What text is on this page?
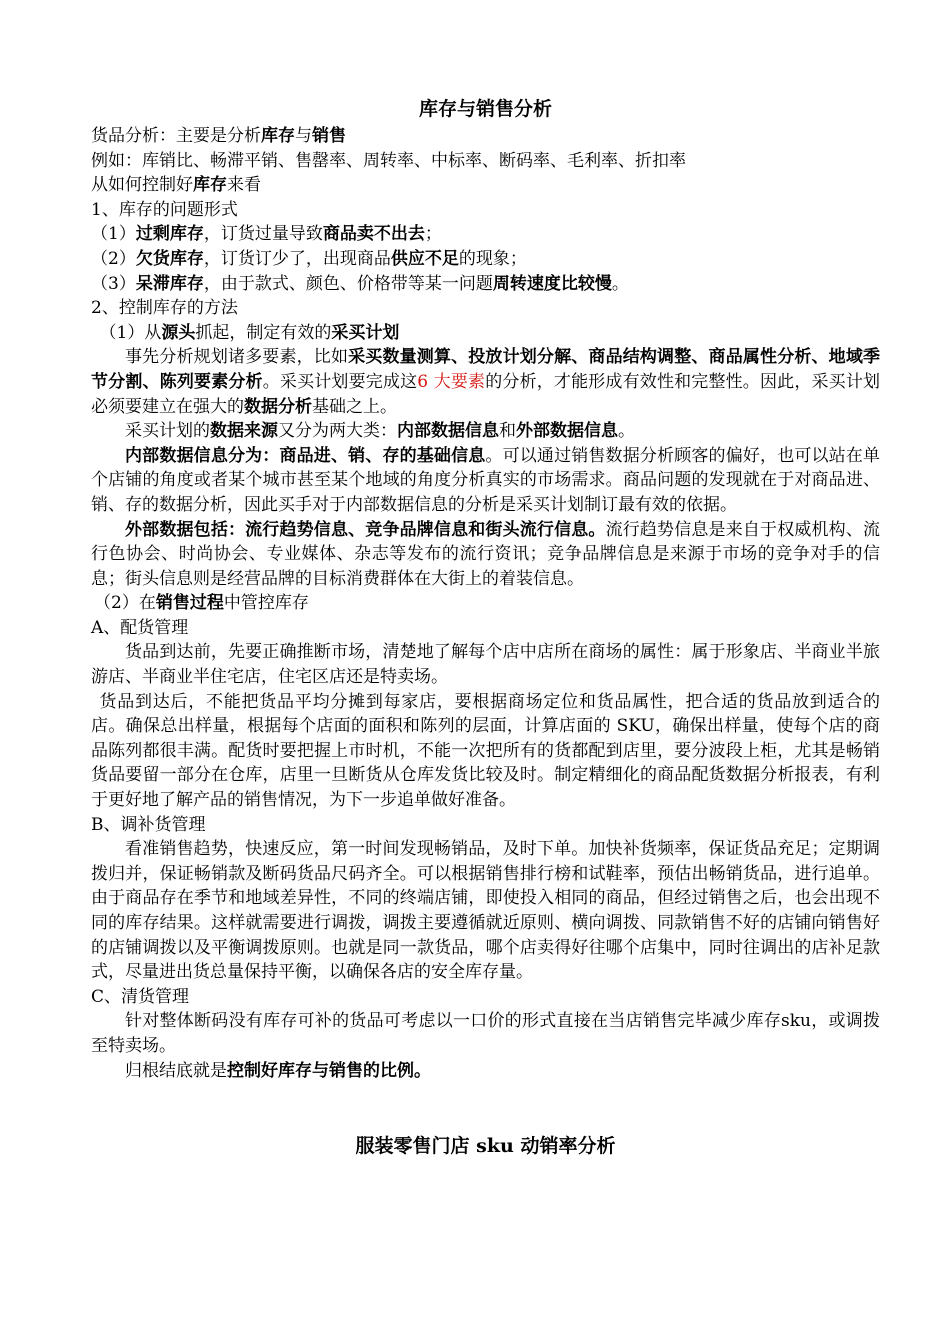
库存与销售分析

货品分析：主要是分析库存与销售

例如：库销比、畅滞平销、售罄率、周转率、中标率、断码率、毛利率、折扣率

从如何控制好库存来看

1、库存的问题形式

（1）过剩库存，订货过量导致商品卖不出去；

（2）欠货库存，订货订少了，出现商品供应不足的现象；

（3）呆滞库存，由于款式、颜色、价格带等某一问题周转速度比较慢。

2、控制库存的方法

（1）从源头抓起，制定有效的采买计划

事先分析规划诸多要素，比如采买数量测算、投放计划分解、商品结构调整、商品属性分析、地域季节分割、陈列要素分析。采买计划要完成这6 大要素的分析，才能形成有效性和完整性。因此，采买计划必须要建立在强大的数据分析基础之上。

采买计划的数据来源又分为两大类：内部数据信息和外部数据信息。

内部数据信息分为：商品进、销、存的基础信息。可以通过销售数据分析顾客的偏好，也可以站在单个店铺的角度或者某个城市甚至某个地域的角度分析真实的市场需求。商品问题的发现就在于对商品进、销、存的数据分析，因此买手对于内部数据信息的分析是采买计划制订最有效的依据。

外部数据包括：流行趋势信息、竞争品牌信息和街头流行信息。流行趋势信息是来自于权威机构、流行色协会、时尚协会、专业媒体、杂志等发布的流行资讯；竞争品牌信息是来源于市场的竞争对手的信息；街头信息则是经营品牌的目标消费群体在大街上的着装信息。

（2）在销售过程中管控库存

A、配货管理

货品到达前，先要正确推断市场，清楚地了解每个店中店所在商场的属性：属于形象店、半商业半旅游店、半商业半住宅店，住宅区店还是特卖场。

货品到达后，不能把货品平均分摊到每家店，要根据商场定位和货品属性，把合适的货品放到适合的店。确保总出样量，根据每个店面的面积和陈列的层面，计算店面的 SKU，确保出样量，使每个店的商品陈列都很丰满。配货时要把握上市时机，不能一次把所有的货都配到店里，要分波段上柜，尤其是畅销货品要留一部分在仓库，店里一旦断货从仓库发货比较及时。制定精细化的商品配货数据分析报表，有利于更好地了解产品的销售情况，为下一步追单做好准备。

B、调补货管理

看准销售趋势，快速反应，第一时间发现畅销品，及时下单。加快补货频率，保证货品充足；定期调拨归并，保证畅销款及断码货品尺码齐全。可以根据销售排行榜和试鞋率，预估出畅销货品，进行追单。由于商品存在季节和地域差异性，不同的终端店铺，即使投入相同的商品，但经过销售之后，也会出现不同的库存结果。这样就需要进行调拨，调拨主要遵循就近原则、横向调拨、同款销售不好的店铺向销售好的店铺调拨以及平衡调拨原则。也就是同一款货品，哪个店卖得好往哪个店集中，同时往调出的店补足款式，尽量进出货总量保持平衡，以确保各店的安全库存量。

C、清货管理

针对整体断码没有库存可补的货品可考虑以一口价的形式直接在当店销售完毕减少库存sku，或调拨至特卖场。

归根结底就是控制好库存与销售的比例。

服装零售门店 sku 动销率分析
